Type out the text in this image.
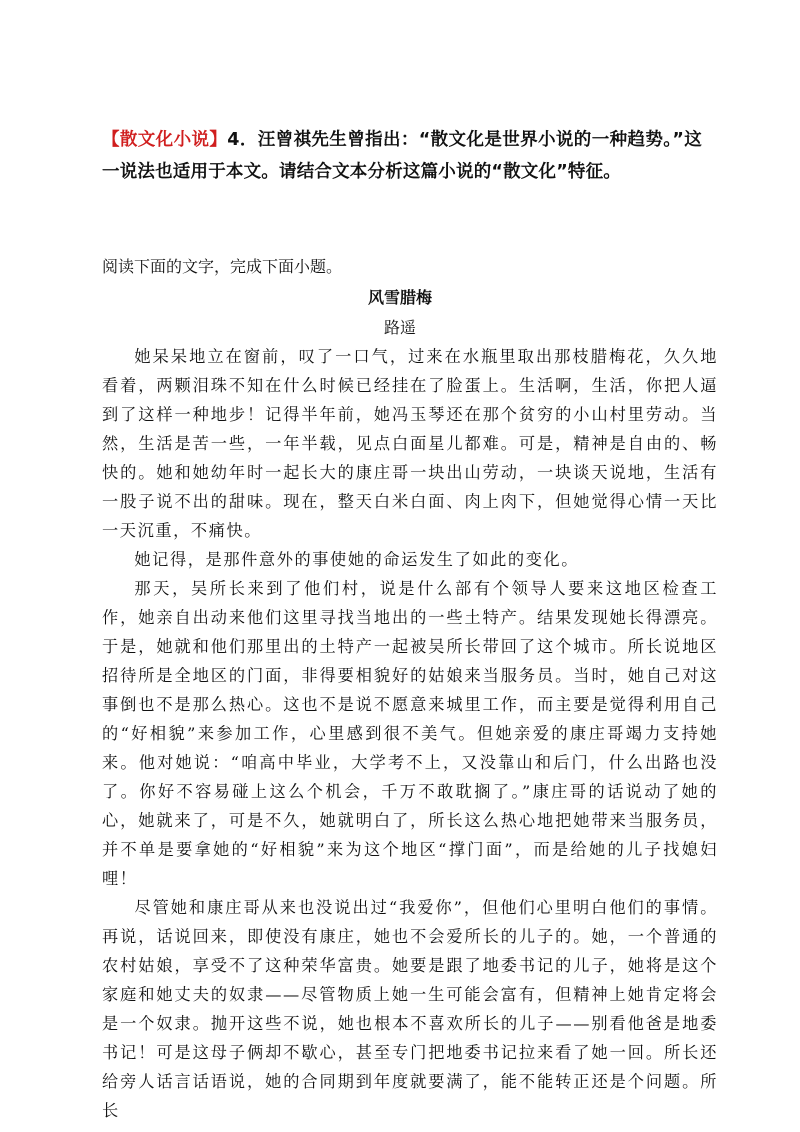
【散文化小说】4．汪曾祺先生曾指出：“散文化是世界小说的一种趋势。”这一说法也适用于本文。请结合文本分析这篇小说的“散文化”特征。
阅读下面的文字，完成下面小题。
风雪腊梅
路遥

她呆呆地立在窗前，叹了一口气，过来在水瓶里取出那枝腊梅花，久久地看着，两颗泪珠不知在什么时候已经挂在了脸蛋上。生活啊，生活，你把人逼到了这样一种地步！记得半年前，她冯玉琴还在那个贫穷的小山村里劳动。当然，生活是苦一些，一年半载，见点白面星儿都难。可是，精神是自由的、畅快的。她和她幼年时一起长大的康庄哥一块出山劳动，一块谈天说地，生活有一股子说不出的甜味。现在，整天白米白面、肉上肉下，但她觉得心情一天比一天沉重，不痛快。

她记得，是那件意外的事使她的命运发生了如此的变化。

那天，吴所长来到了他们村，说是什么部有个领导人要来这地区检查工作，她亲自出动来他们这里寻找当地出的一些土特产。结果发现她长得漂亮。于是，她就和他们那里出的土特产一起被吴所长带回了这个城市。所长说地区招待所是全地区的门面，非得要相貌好的姑娘来当服务员。当时，她自己对这事倒也不是那么热心。这也不是说不愿意来城里工作，而主要是觉得利用自己的“好相貌”来参加工作，心里感到很不美气。但她亲爱的康庄哥竭力支持她来。他对她说：“咱高中毕业，大学考不上，又没靠山和后门，什么出路也没了。你好不容易碰上这么个机会，千万不敢耽搁了。”康庄哥的话说动了她的心，她就来了，可是不久，她就明白了，所长这么热心地把她带来当服务员，并不单是要拿她的“好相貌”来为这个地区“撑门面”，而是给她的儿子找媳妇哩！

尽管她和康庄哥从来也没说出过“我爱你”，但他们心里明白他们的事情。再说，话说回来，即使没有康庄，她也不会爱所长的儿子的。她，一个普通的农村姑娘，享受不了这种荣华富贵。她要是跟了地委书记的儿子，她将是这个家庭和她丈夫的奴隶——尽管物质上她一生可能会富有，但精神上她肯定将会是一个奴隶。抛开这些不说，她也根本不喜欢所长的儿子——别看他爸是地委书记！可是这母子俩却不歇心，甚至专门把地委书记拉来看了她一回。所长还给旁人话言话语说，她的合同期到年度就要满了，能不能转正还是个问题。所长
